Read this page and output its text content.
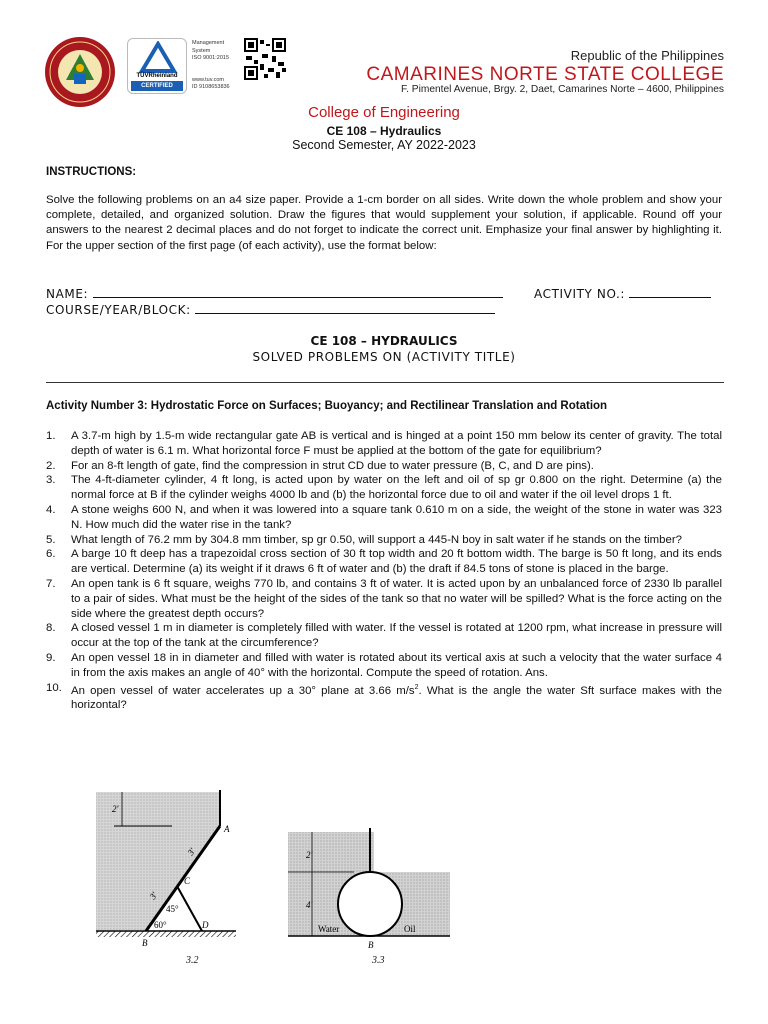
TÜVRheinland
CERTIFIED
Management
System
ISO 9001:2015
www.tuv.com
ID 9108653836
Republic of the Philippines
CAMARINES NORTE STATE COLLEGE
F. Pimentel Avenue, Brgy. 2, Daet, Camarines Norte – 4600, Philippines
College of Engineering
CE 108 – Hydraulics
Second Semester, AY 2022-2023
INSTRUCTIONS:
Solve the following problems on an a4 size paper. Provide a 1-cm border on all sides. Write down the whole problem and show your complete, detailed, and organized solution. Draw the figures that would supplement your solution, if applicable. Round off your answers to the nearest 2 decimal places and do not forget to indicate the correct unit. Emphasize your final answer by highlighting it. For the upper section of the first page (of each activity), use the format below:
NAME:	ACTIVITY NO.:
COURSE/YEAR/BLOCK:
CE 108 – HYDRAULICS
SOLVED PROBLEMS ON (ACTIVITY TITLE)
Activity Number 3: Hydrostatic Force on Surfaces; Buoyancy; and Rectilinear Translation and Rotation
1. A 3.7-m high by 1.5-m wide rectangular gate AB is vertical and is hinged at a point 150 mm below its center of gravity. The total depth of water is 6.1 m. What horizontal force F must be applied at the bottom of the gate for equilibrium?
2. For an 8-ft length of gate, find the compression in strut CD due to water pressure (B, C, and D are pins).
3. The 4-ft-diameter cylinder, 4 ft long, is acted upon by water on the left and oil of sp gr 0.800 on the right. Determine (a) the normal force at B if the cylinder weighs 4000 lb and (b) the horizontal force due to oil and water if the oil level drops 1 ft.
4. A stone weighs 600 N, and when it was lowered into a square tank 0.610 m on a side, the weight of the stone in water was 323 N. How much did the water rise in the tank?
5. What length of 76.2 mm by 304.8 mm timber, sp gr 0.50, will support a 445-N boy in salt water if he stands on the timber?
6. A barge 10 ft deep has a trapezoidal cross section of 30 ft top width and 20 ft bottom width. The barge is 50 ft long, and its ends are vertical. Determine (a) its weight if it draws 6 ft of water and (b) the draft if 84.5 tons of stone is placed in the barge.
7. An open tank is 6 ft square, weighs 770 lb, and contains 3 ft of water. It is acted upon by an unbalanced force of 2330 lb parallel to a pair of sides. What must be the height of the sides of the tank so that no water will be spilled? What is the force acting on the side where the greatest depth occurs?
8. A closed vessel 1 m in diameter is completely filled with water. If the vessel is rotated at 1200 rpm, what increase in pressure will occur at the top of the tank at the circumference?
9. An open vessel 18 in in diameter and filled with water is rotated about its vertical axis at such a velocity that the water surface 4 in from the axis makes an angle of 40° with the horizontal. Compute the speed of rotation. Ans.
10. An open vessel of water accelerates up a 30° plane at 3.66 $m/s^2$. What is the angle the water Sft surface makes with the horizontal?
2'
3'
3'
A
C
45°
60°	D
B
3.2
2'
4'
Water	Oil
B
3.3
